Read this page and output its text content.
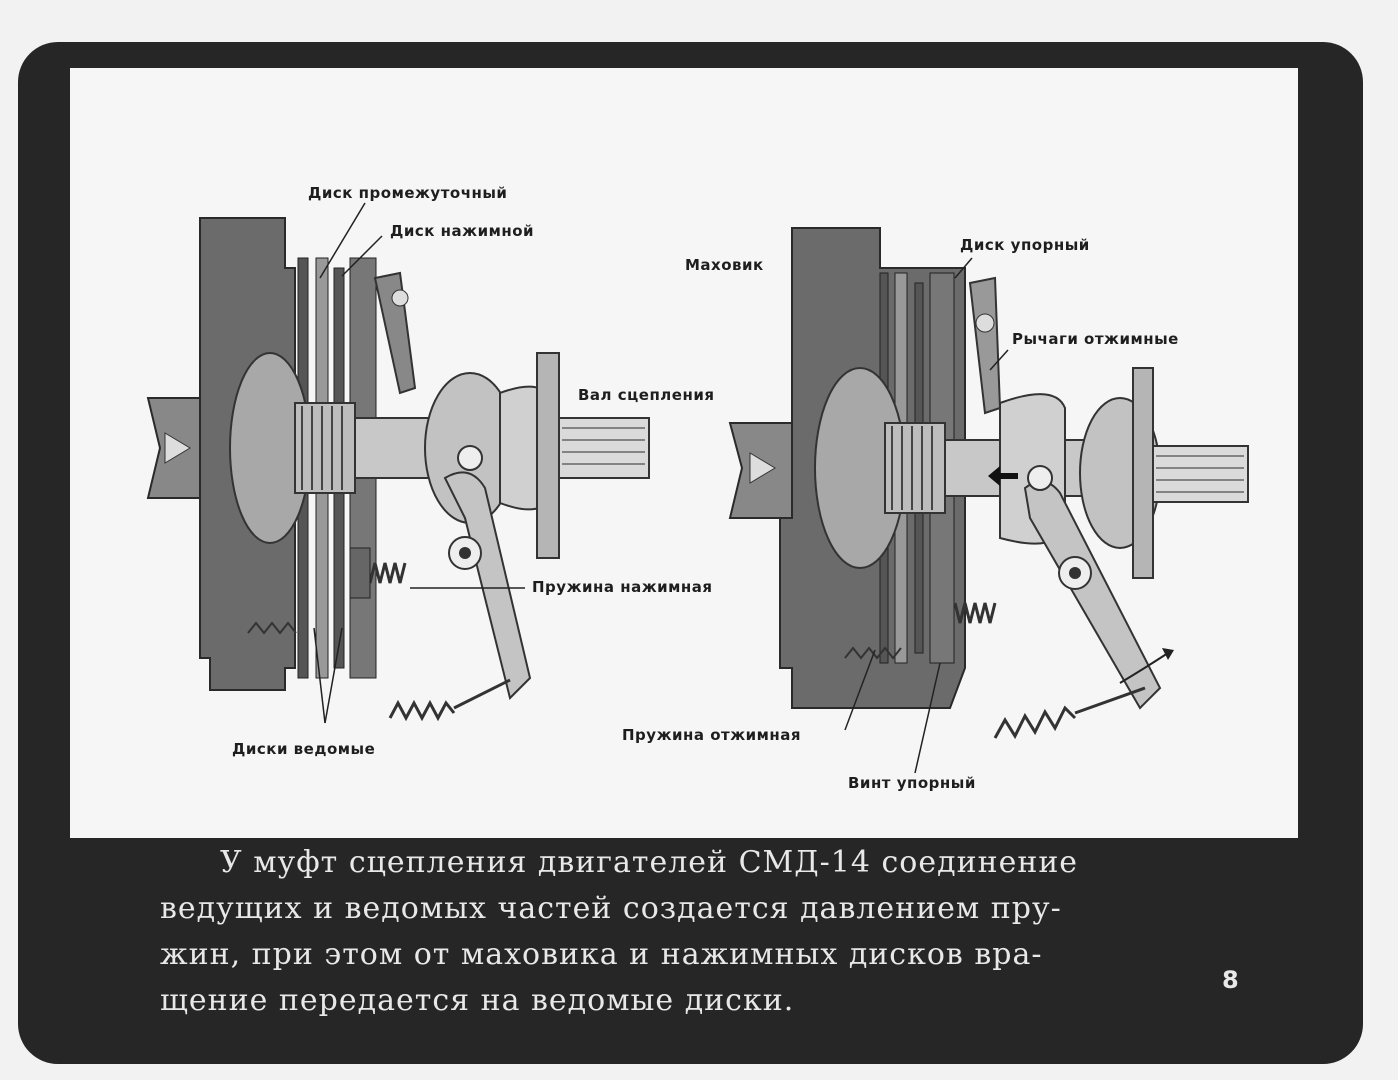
Диск промежуточный
Диск нажимной
Вал сцепления
Пружина нажимная
Диски ведомые
Маховик
Диск упорный
Рычаги отжимные
Пружина отжимная
Винт упорный
У муфт сцепления двигателей СМД-14 соединение
ведущих и ведомых частей создается давлением пру-
жин, при этом от маховика и нажимных дисков вра-
щение передается на ведомые диски.
8
